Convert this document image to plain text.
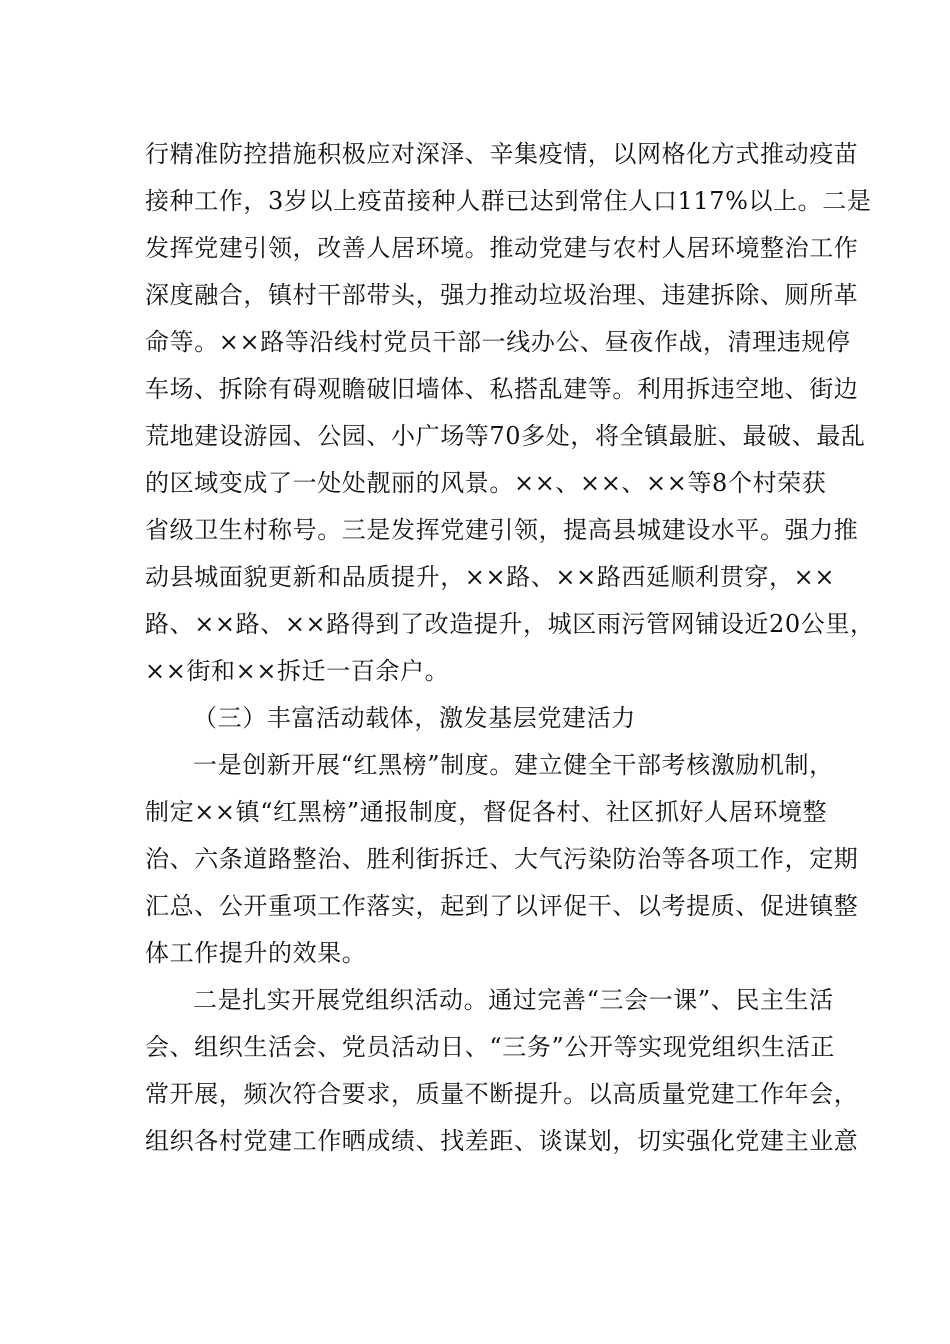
行精准防控措施积极应对深泽、辛集疫情，以网格化方式推动疫苗
接种工作，3岁以上疫苗接种人群已达到常住人口117%以上。二是
发挥党建引领，改善人居环境。推动党建与农村人居环境整治工作
深度融合，镇村干部带头，强力推动垃圾治理、违建拆除、厕所革
命等。××路等沿线村党员干部一线办公、昼夜作战，清理违规停
车场、拆除有碍观瞻破旧墙体、私搭乱建等。利用拆违空地、街边
荒地建设游园、公园、小广场等70多处，将全镇最脏、最破、最乱
的区域变成了一处处靓丽的风景。××、××、××等8个村荣获
省级卫生村称号。三是发挥党建引领，提高县城建设水平。强力推
动县城面貌更新和品质提升，××路、××路西延顺利贯穿，××
路、××路、××路得到了改造提升，城区雨污管网铺设近20公里，
××街和××拆迁一百余户。
（三）丰富活动载体，激发基层党建活力
一是创新开展“红黑榜”制度。建立健全干部考核激励机制，
制定××镇“红黑榜”通报制度，督促各村、社区抓好人居环境整
治、六条道路整治、胜利街拆迁、大气污染防治等各项工作，定期
汇总、公开重项工作落实，起到了以评促干、以考提质、促进镇整
体工作提升的效果。
二是扎实开展党组织活动。通过完善“三会一课”、民主生活
会、组织生活会、党员活动日、“三务”公开等实现党组织生活正
常开展，频次符合要求，质量不断提升。以高质量党建工作年会，
组织各村党建工作晒成绩、找差距、谈谋划，切实强化党建主业意
